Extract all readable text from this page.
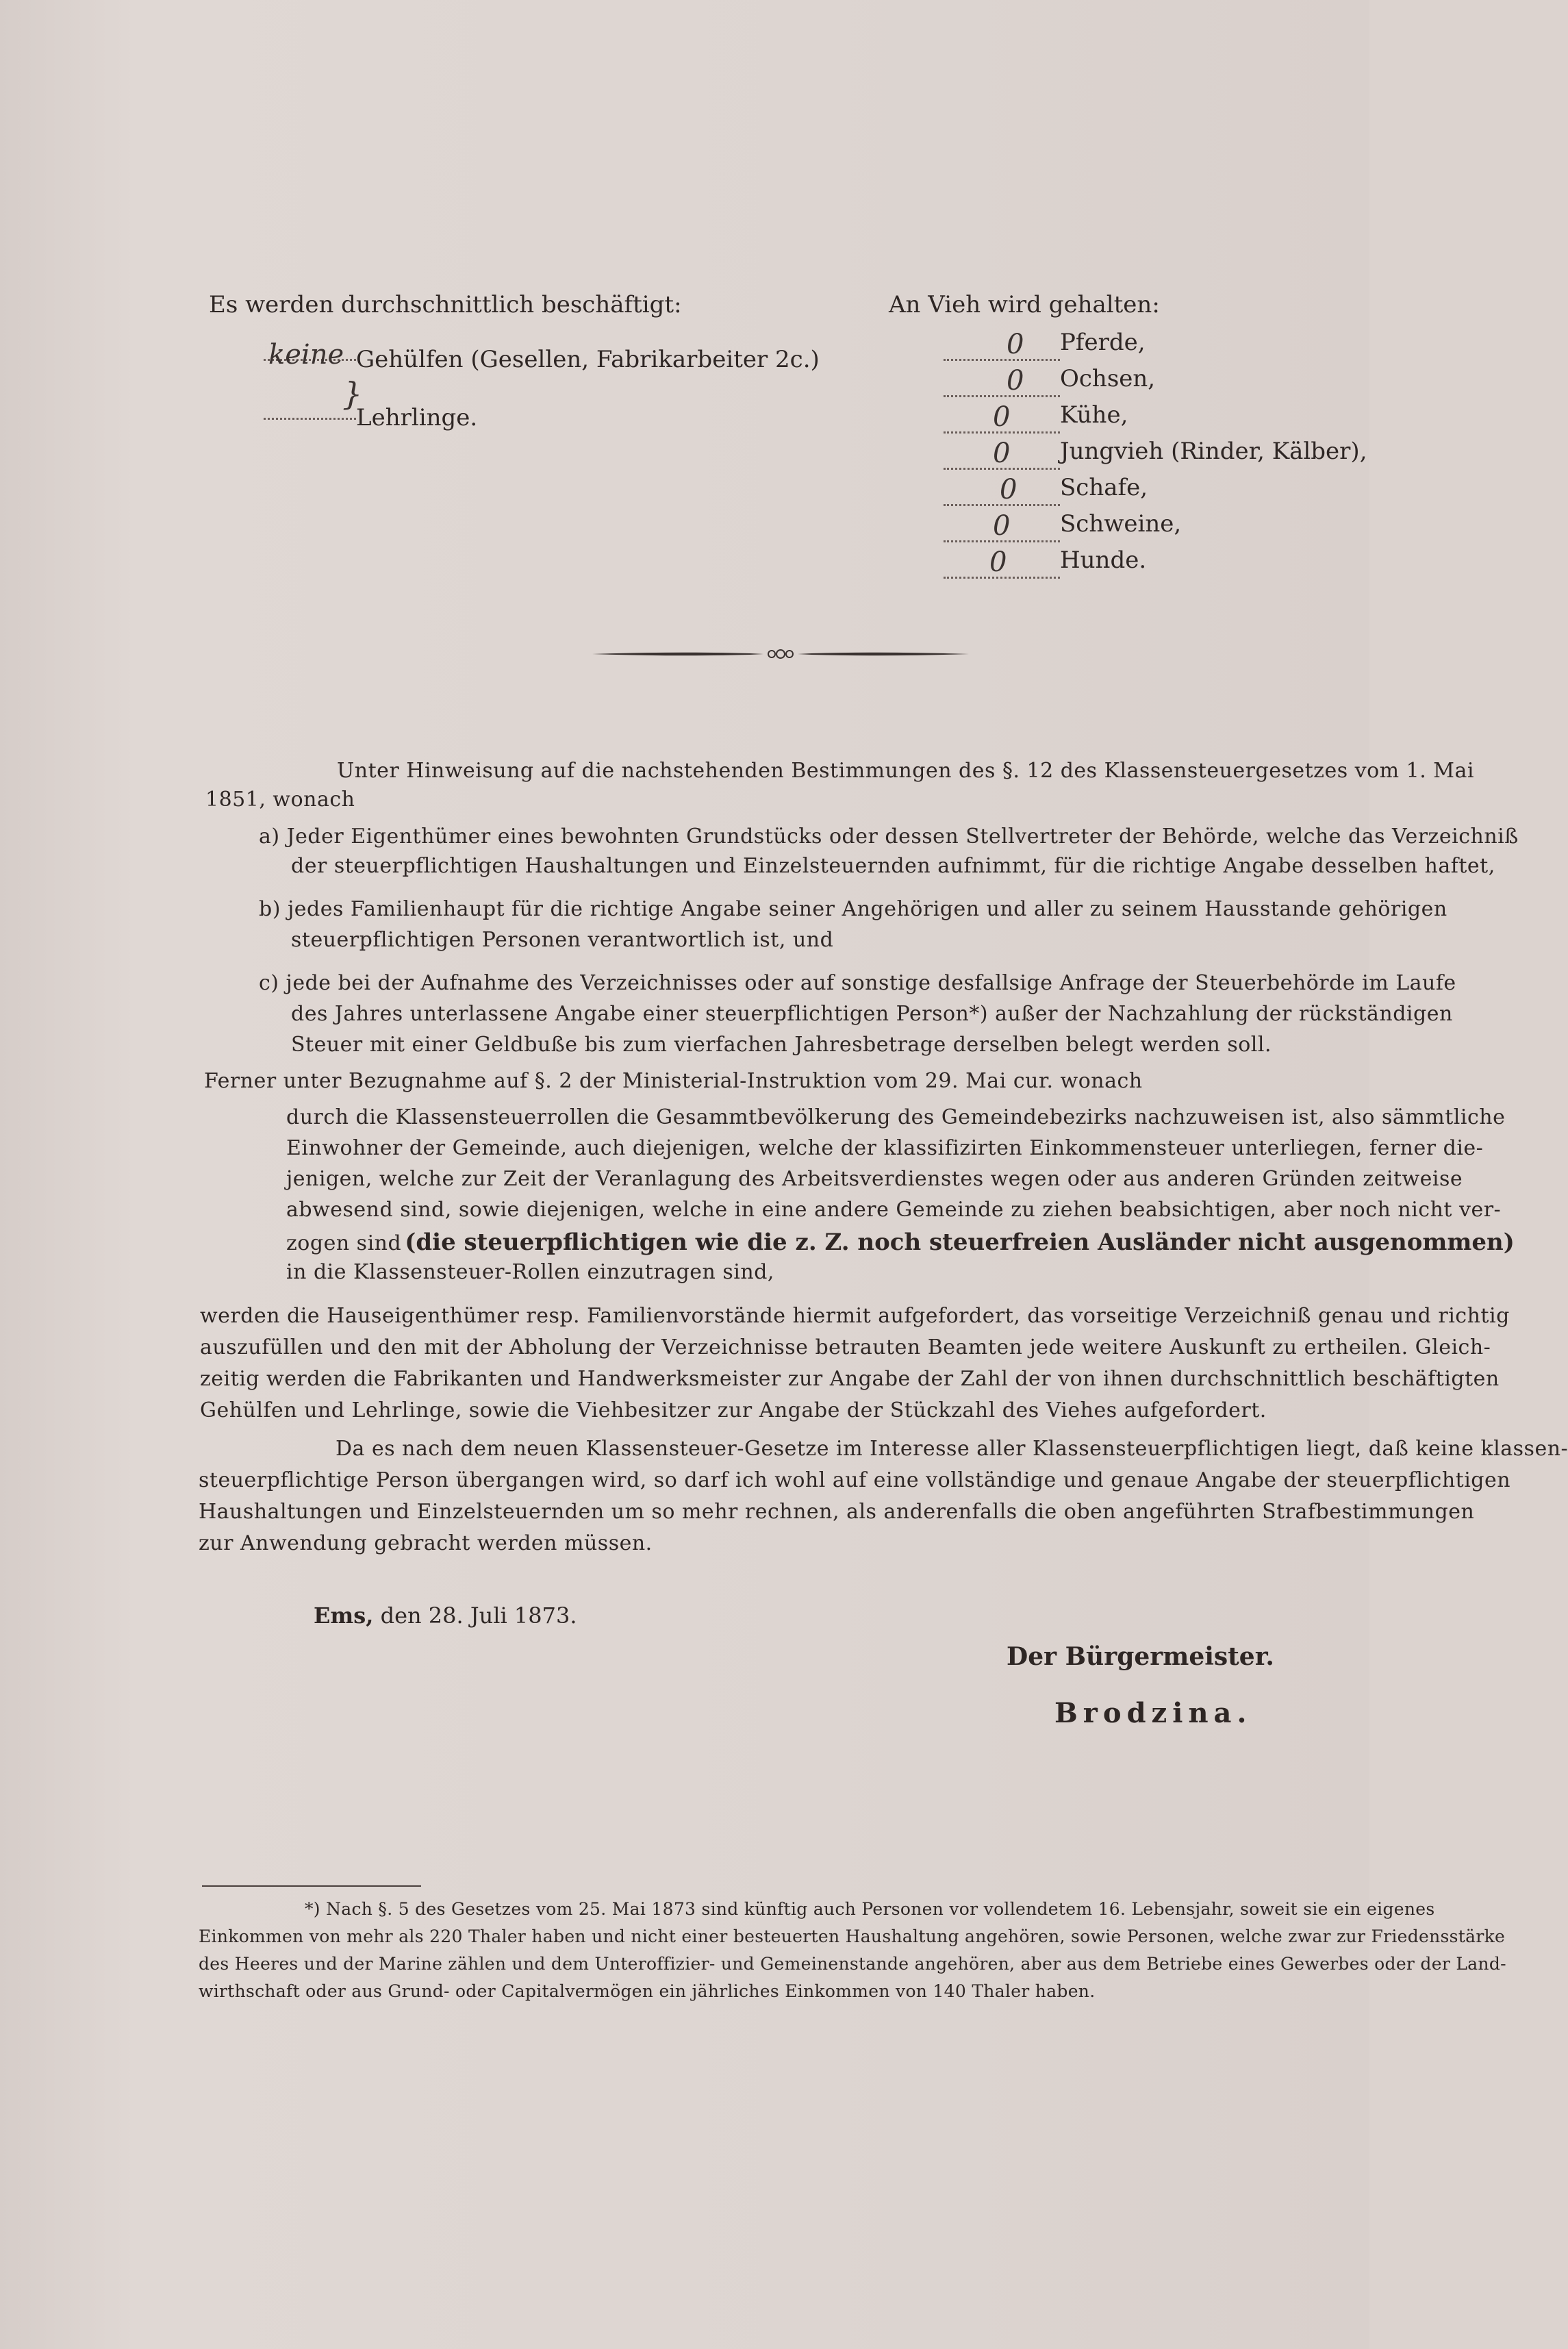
Es werden durchschnittlich beschäftigt:
keine Gehülfen (Gesellen, Fabrikarbeiter 2c.)
}
Lehrlinge.
An Vieh wird gehalten:
0 Pferde,
0 Ochsen,
0 Kühe,
0 Jungvieh (Rinder, Kälber),
0 Schafe,
0 Schweine,
0 Hunde.
Unter Hinweisung auf die nachstehenden Bestimmungen des §. 12 des Klassensteuergesetzes vom 1. Mai
1851, wonach
a) Jeder Eigenthümer eines bewohnten Grundstücks oder dessen Stellvertreter der Behörde, welche das Verzeichniß
der steuerpflichtigen Haushaltungen und Einzelsteuernden aufnimmt, für die richtige Angabe desselben haftet,
b) jedes Familienhaupt für die richtige Angabe seiner Angehörigen und aller zu seinem Hausstande gehörigen
steuerpflichtigen Personen verantwortlich ist, und
c) jede bei der Aufnahme des Verzeichnisses oder auf sonstige desfallsige Anfrage der Steuerbehörde im Laufe
des Jahres unterlassene Angabe einer steuerpflichtigen Person*) außer der Nachzahlung der rückständigen
Steuer mit einer Geldbuße bis zum vierfachen Jahresbetrage derselben belegt werden soll.
Ferner unter Bezugnahme auf §. 2 der Ministerial-Instruktion vom 29. Mai cur. wonach
durch die Klassensteuerrollen die Gesammtbevölkerung des Gemeindebezirks nachzuweisen ist, also sämmtliche
Einwohner der Gemeinde, auch diejenigen, welche der klassifizirten Einkommensteuer unterliegen, ferner die-
jenigen, welche zur Zeit der Veranlagung des Arbeitsverdienstes wegen oder aus anderen Gründen zeitweise
abwesend sind, sowie diejenigen, welche in eine andere Gemeinde zu ziehen beabsichtigen, aber noch nicht ver-
zogen sind (die steuerpflichtigen wie die z. Z. noch steuerfreien Ausländer nicht ausgenommen)
in die Klassensteuer-Rollen einzutragen sind,
werden die Hauseigenthümer resp. Familienvorstände hiermit aufgefordert, das vorseitige Verzeichniß genau und richtig
auszufüllen und den mit der Abholung der Verzeichnisse betrauten Beamten jede weitere Auskunft zu ertheilen. Gleich-
zeitig werden die Fabrikanten und Handwerksmeister zur Angabe der Zahl der von ihnen durchschnittlich beschäftigten
Gehülfen und Lehrlinge, sowie die Viehbesitzer zur Angabe der Stückzahl des Viehes aufgefordert.
Da es nach dem neuen Klassensteuer-Gesetze im Interesse aller Klassensteuerpflichtigen liegt, daß keine klassen-
steuerpflichtige Person übergangen wird, so darf ich wohl auf eine vollständige und genaue Angabe der steuerpflichtigen
Haushaltungen und Einzelsteuernden um so mehr rechnen, als anderenfalls die oben angeführten Strafbestimmungen
zur Anwendung gebracht werden müssen.
Ems, den 28. Juli 1873.
Der Bürgermeister.
Brodzina.
*) Nach §. 5 des Gesetzes vom 25. Mai 1873 sind künftig auch Personen vor vollendetem 16. Lebensjahr, soweit sie ein eigenes
Einkommen von mehr als 220 Thaler haben und nicht einer besteuerten Haushaltung angehören, sowie Personen, welche zwar zur Friedensstärke
des Heeres und der Marine zählen und dem Unteroffizier- und Gemeinenstande angehören, aber aus dem Betriebe eines Gewerbes oder der Land-
wirthschaft oder aus Grund- oder Capitalvermögen ein jährliches Einkommen von 140 Thaler haben.
